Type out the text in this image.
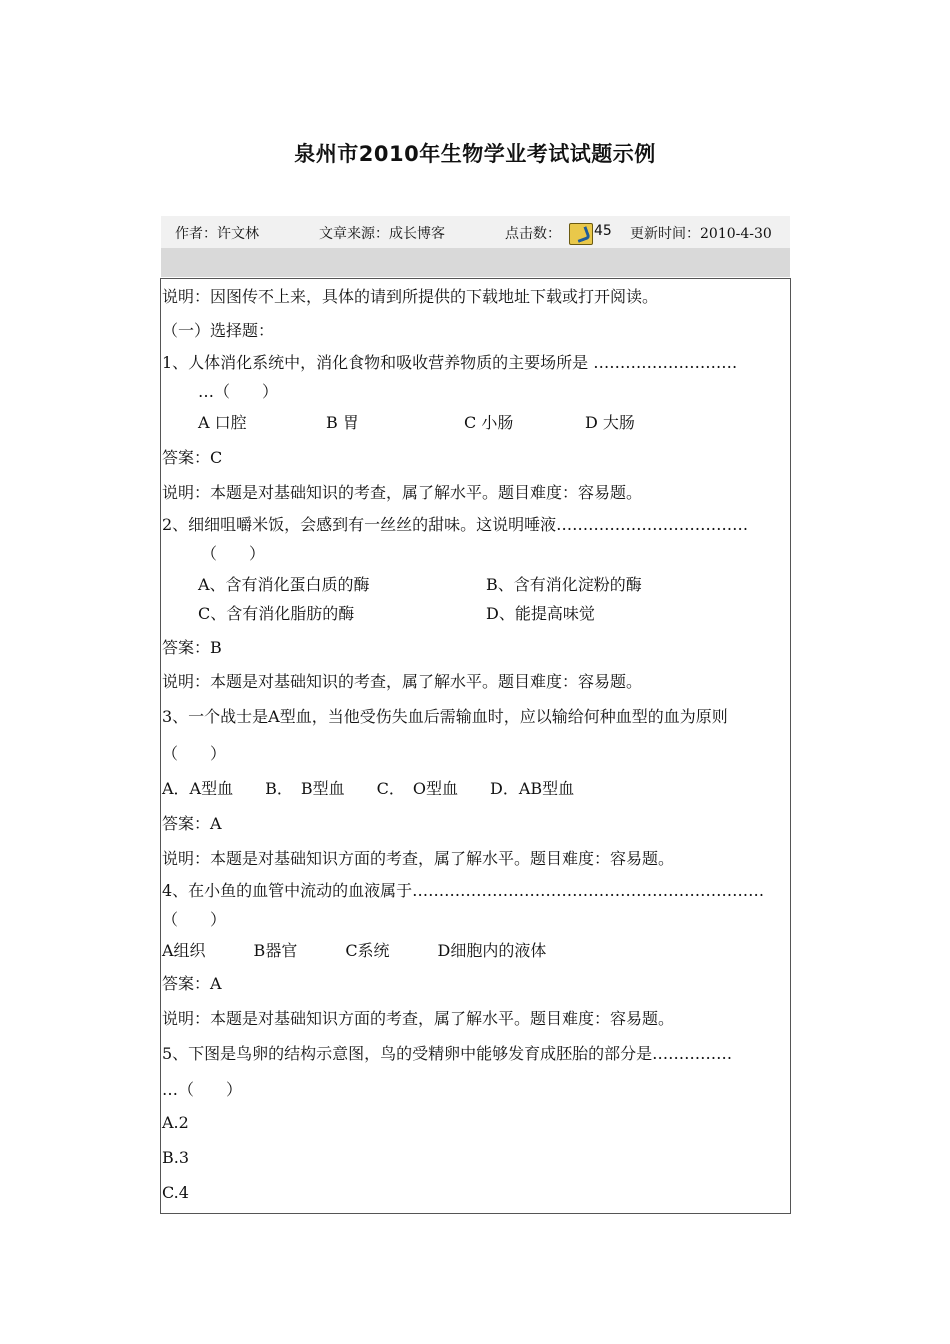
泉州市2010年生物学业考试试题示例
作者：许文林	文章来源：成长博客	点击数： 45 更新时间：2010-4-30
说明：因图传不上来，具体的请到所提供的下载地址下载或打开阅读。
（一）选择题：
1、人体消化系统中，消化食物和吸收营养物质的主要场所是 ………………………
…（　　）
A 口腔	B 胃	C 小肠	D 大肠
答案：C
说明：本题是对基础知识的考查，属了解水平。题目难度：容易题。
2、细细咀嚼米饭，会感到有一丝丝的甜味。这说明唾液………………………………
（　　）
A、含有消化蛋白质的酶	B、含有消化淀粉的酶
C、含有消化脂肪的酶	D、能提高味觉
答案：B
说明：本题是对基础知识的考查，属了解水平。题目难度：容易题。
3、一个战士是A型血，当他受伤失血后需输血时，应以输给何种血型的血为原则
（　　）
A．A型血　　B．　B型血　　C．　O型血　　D．AB型血
答案：A
说明：本题是对基础知识方面的考查，属了解水平。题目难度：容易题。
4、在小鱼的血管中流动的血液属于…………………………………………………………
（　　）
A组织　　　B器官　　　C系统　　　D细胞内的液体
答案：A
说明：本题是对基础知识方面的考查，属了解水平。题目难度：容易题。
5、下图是鸟卵的结构示意图，鸟的受精卵中能够发育成胚胎的部分是……………
…（　　）
A.2
B.3
C.4
